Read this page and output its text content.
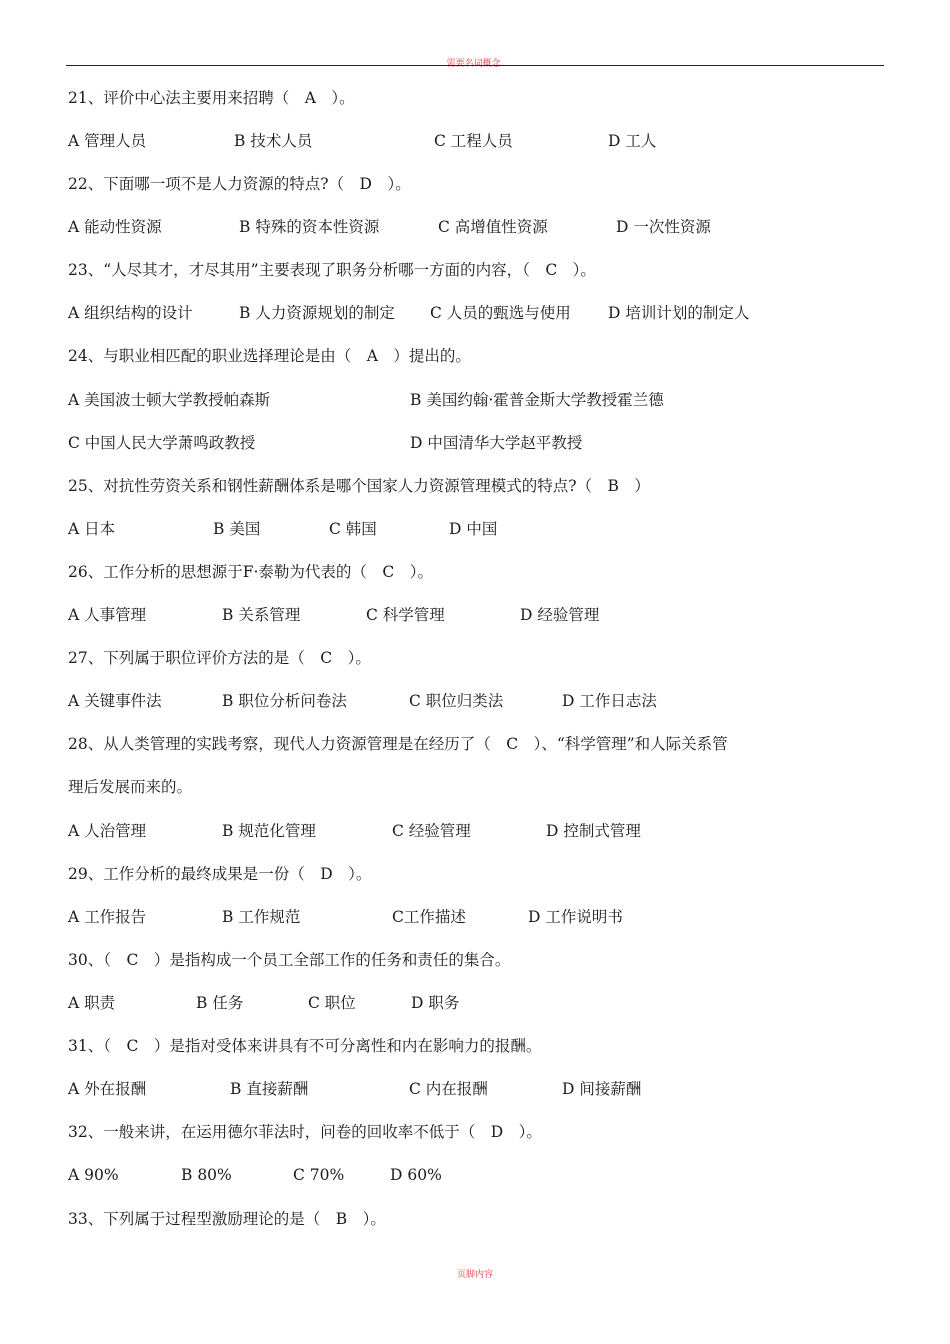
需要名词概念.
21、评价中心法主要用来招聘（　A　）。
A 管理人员	B 技术人员	C 工程人员	D 工人
22、下面哪一项不是人力资源的特点?（　D　）。
A 能动性资源	B 特殊的资本性资源	C 高增值性资源	D 一次性资源
23、“人尽其才，才尽其用”主要表现了职务分析哪一方面的内容，（　C　）。
A 组织结构的设计	B 人力资源规划的制定 C 人员的甄选与使用 D 培训计划的制定人
24、与职业相匹配的职业选择理论是由（　A　）提出的。
A 美国波士顿大学教授帕森斯	B 美国约翰·霍普金斯大学教授霍兰德
C 中国人民大学萧鸣政教授	D 中国清华大学赵平教授
25、对抗性劳资关系和钢性薪酬体系是哪个国家人力资源管理模式的特点?（　B　）
A 日本	B 美国	C 韩国	D 中国
26、工作分析的思想源于F·泰勒为代表的（　C　）。
A 人事管理	B 关系管理	C 科学管理	D 经验管理
27、下列属于职位评价方法的是（　C　）。
A 关键事件法	B 职位分析问卷法	C 职位归类法	D 工作日志法
28、从人类管理的实践考察，现代人力资源管理是在经历了（　C　）、“科学管理”和人际关系管
理后发展而来的。
A 人治管理	B 规范化管理	C 经验管理	D 控制式管理
29、工作分析的最终成果是一份（　D　）。
A 工作报告	B 工作规范	C工作描述	D 工作说明书
30、（　C　）是指构成一个员工全部工作的任务和责任的集合。
A 职责	B 任务	C 职位	D 职务
31、（　C　）是指对受体来讲具有不可分离性和内在影响力的报酬。
A 外在报酬	B 直接薪酬	C 内在报酬	D 间接薪酬
32、一般来讲，在运用德尔菲法时，问卷的回收率不低于（　D　）。
A 90%	B 80%	C 70%	D 60%
33、下列属于过程型激励理论的是（　B　）。
页脚内容
